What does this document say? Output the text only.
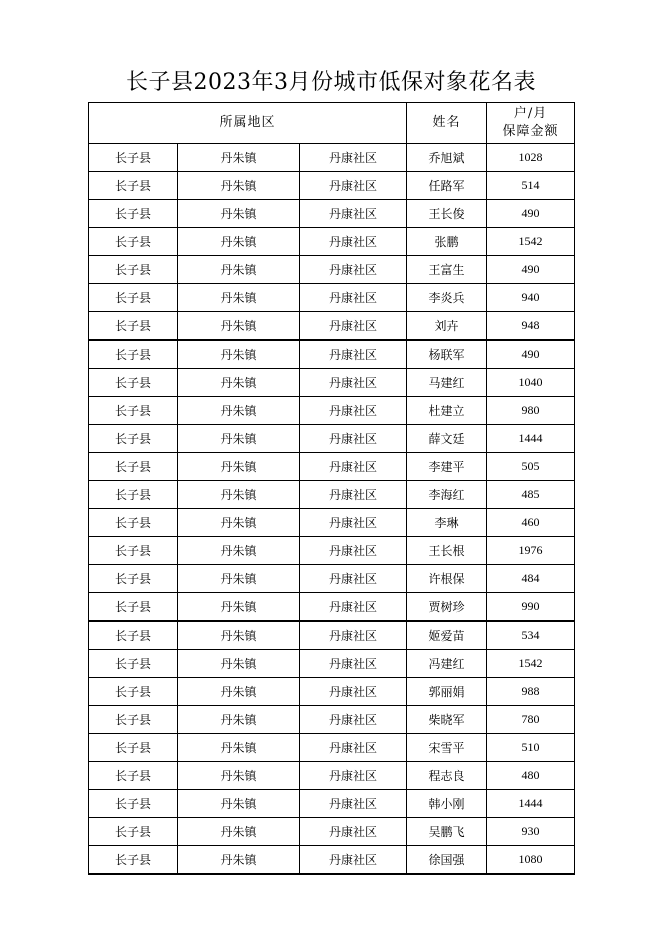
长子县2023年3月份城市低保对象花名表
所属地区			姓名	户/月
保障金额

长子县	丹朱镇	丹康社区	乔旭斌	1028
长子县	丹朱镇	丹康社区	任路军	514
长子县	丹朱镇	丹康社区	王长俊	490
长子县	丹朱镇	丹康社区	张鹏	1542
长子县	丹朱镇	丹康社区	王富生	490
长子县	丹朱镇	丹康社区	李炎兵	940
长子县	丹朱镇	丹康社区	刘卉	948
长子县	丹朱镇	丹康社区	杨联军	490
长子县	丹朱镇	丹康社区	马建红	1040
长子县	丹朱镇	丹康社区	杜建立	980
长子县	丹朱镇	丹康社区	薛文廷	1444
长子县	丹朱镇	丹康社区	李建平	505
长子县	丹朱镇	丹康社区	李海红	485
长子县	丹朱镇	丹康社区	李琳	460
长子县	丹朱镇	丹康社区	王长根	1976
长子县	丹朱镇	丹康社区	许根保	484
长子县	丹朱镇	丹康社区	贾树珍	990
长子县	丹朱镇	丹康社区	姬爱苗	534
长子县	丹朱镇	丹康社区	冯建红	1542
长子县	丹朱镇	丹康社区	郭丽娟	988
长子县	丹朱镇	丹康社区	柴晓军	780
长子县	丹朱镇	丹康社区	宋雪平	510
长子县	丹朱镇	丹康社区	程志良	480
长子县	丹朱镇	丹康社区	韩小刚	1444
长子县	丹朱镇	丹康社区	吴鹏飞	930
长子县	丹朱镇	丹康社区	徐国强	1080
